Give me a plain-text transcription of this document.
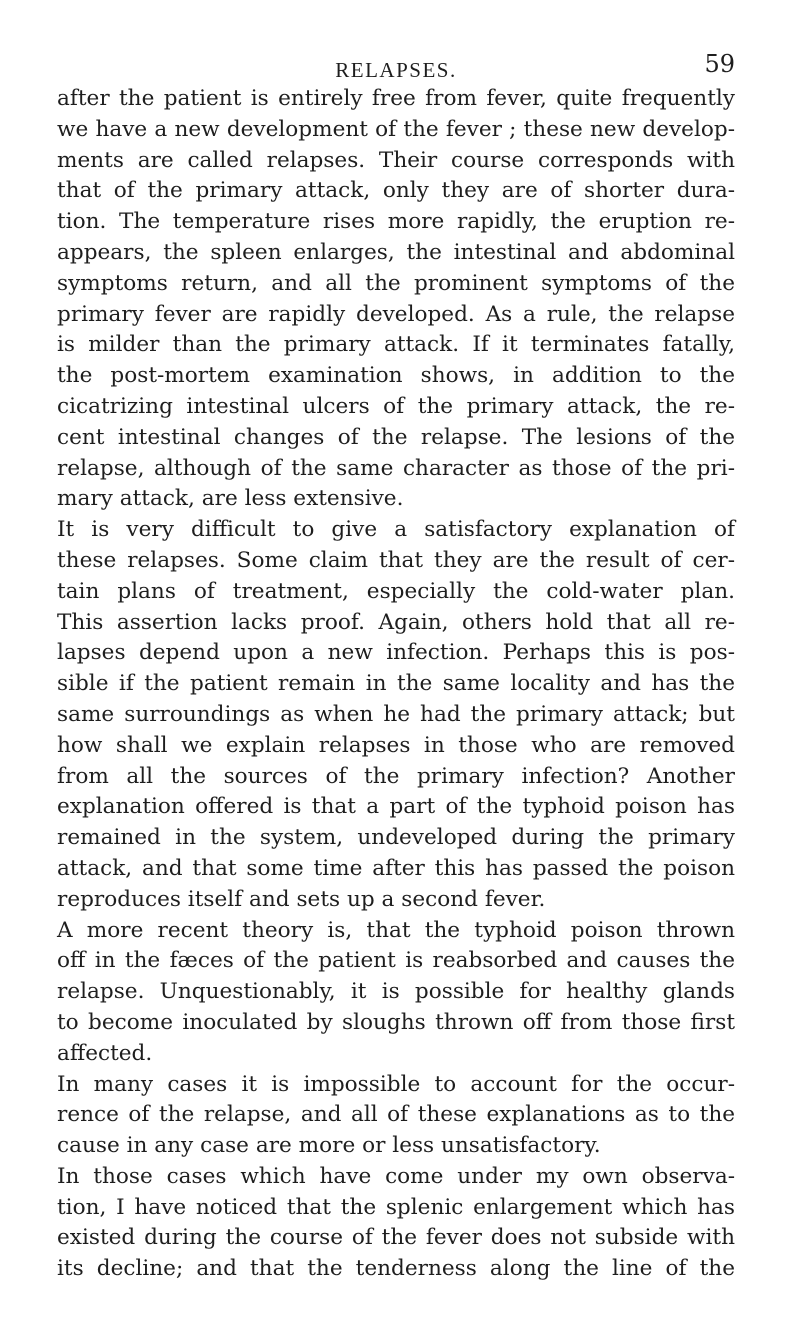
RELAPSES.	59
after the patient is entirely free from fever, quite frequently
we have a new development of the fever ; these new develop-
ments are called relapses. Their course corresponds with
that of the primary attack, only they are of shorter dura-
tion. The temperature rises more rapidly, the eruption re-
appears, the spleen enlarges, the intestinal and abdominal
symptoms return, and all the prominent symptoms of the
primary fever are rapidly developed. As a rule, the relapse
is milder than the primary attack. If it terminates fatally,
the post-mortem examination shows, in addition to the
cicatrizing intestinal ulcers of the primary attack, the re-
cent intestinal changes of the relapse. The lesions of the
relapse, although of the same character as those of the pri-
mary attack, are less extensive.
It is very difficult to give a satisfactory explanation of
these relapses. Some claim that they are the result of cer-
tain plans of treatment, especially the cold-water plan.
This assertion lacks proof. Again, others hold that all re-
lapses depend upon a new infection. Perhaps this is pos-
sible if the patient remain in the same locality and has the
same surroundings as when he had the primary attack; but
how shall we explain relapses in those who are removed
from all the sources of the primary infection? Another
explanation offered is that a part of the typhoid poison has
remained in the system, undeveloped during the primary
attack, and that some time after this has passed the poison
reproduces itself and sets up a second fever.
A more recent theory is, that the typhoid poison thrown
off in the fæces of the patient is reabsorbed and causes the
relapse. Unquestionably, it is possible for healthy glands
to become inoculated by sloughs thrown off from those first
affected.
In many cases it is impossible to account for the occur-
rence of the relapse, and all of these explanations as to the
cause in any case are more or less unsatisfactory.
In those cases which have come under my own observa-
tion, I have noticed that the splenic enlargement which has
existed during the course of the fever does not subside with
its decline; and that the tenderness along the line of the
